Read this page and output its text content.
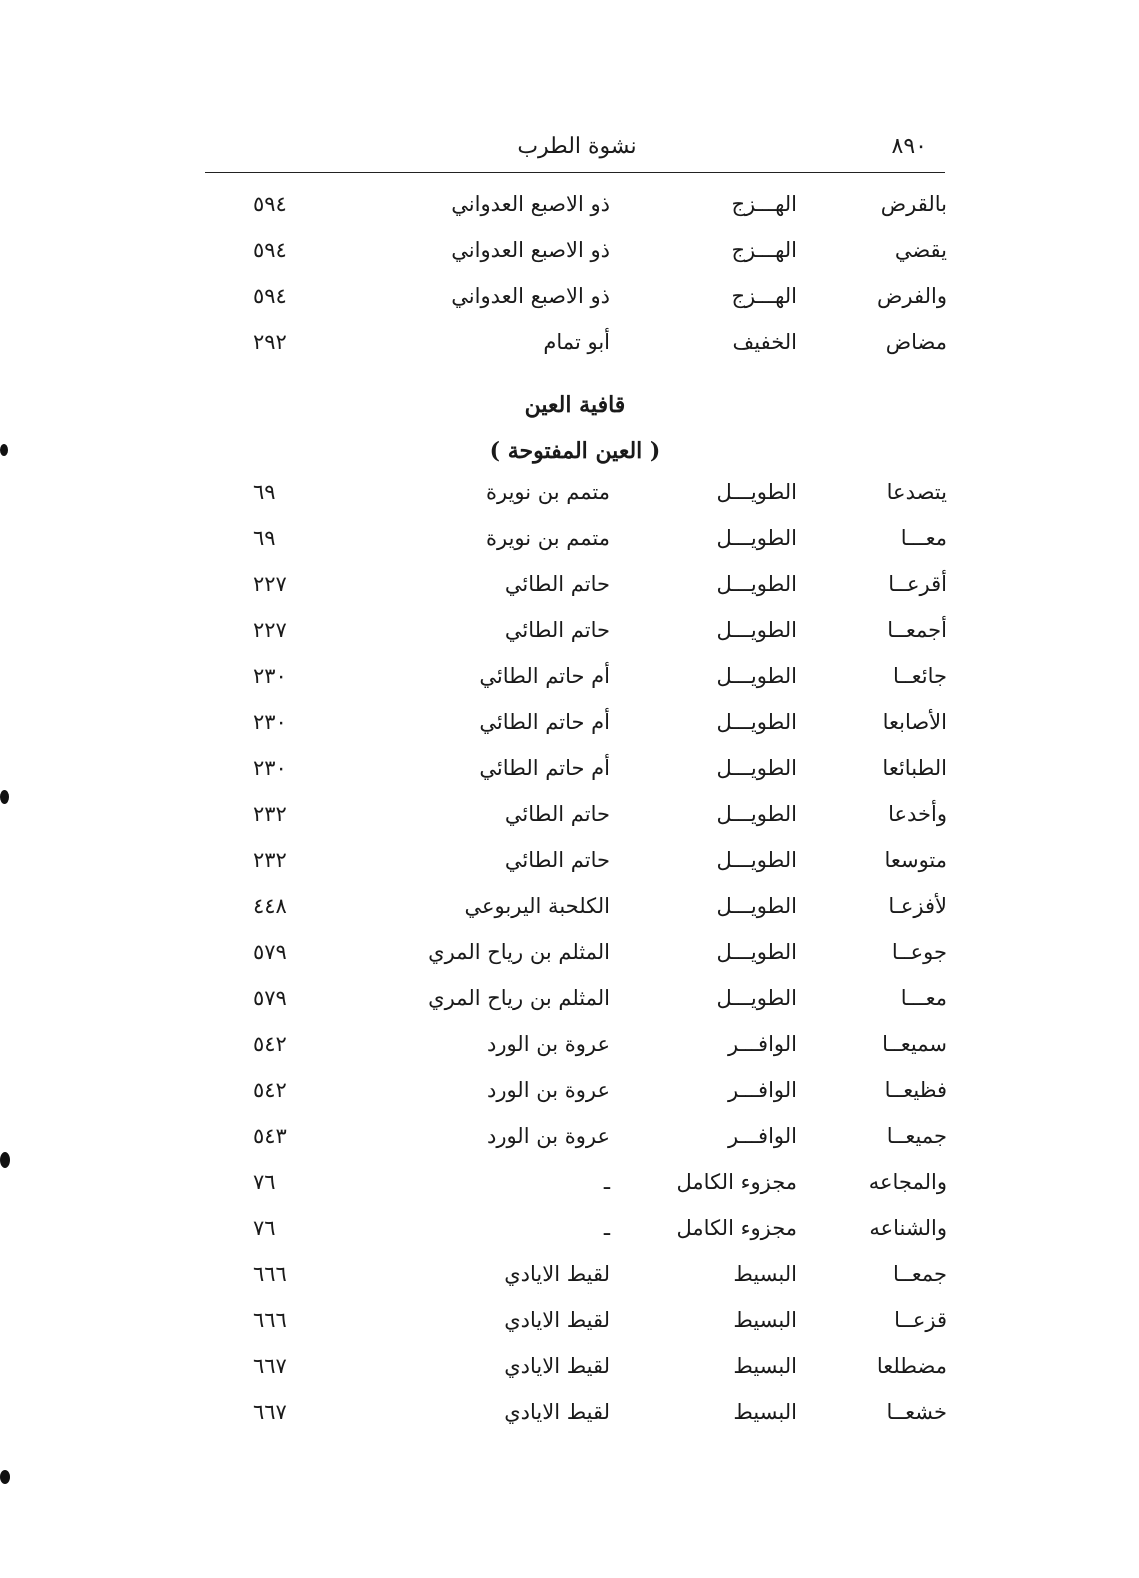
٨٩٠
نشوة الطرب
بالقرض
الهـــزج
ذو الاصبع العدواني
٥٩٤
يقضي
الهـــزج
ذو الاصبع العدواني
٥٩٤
والفرض
الهـــزج
ذو الاصبع العدواني
٥٩٤
مضاض
الخفيف
أبو تمام
٢٩٢
قافية العين
( العين المفتوحة )
يتصدعا
الطويـــل
متمم بن نويرة
٦٩
معـــا
الطويـــل
متمم بن نويرة
٦٩
أقرعــا
الطويـــل
حاتم الطائي
٢٢٧
أجمعــا
الطويـــل
حاتم الطائي
٢٢٧
جائعــا
الطويـــل
أم حاتم الطائي
٢٣٠
الأصابعا
الطويـــل
أم حاتم الطائي
٢٣٠
الطبائعا
الطويـــل
أم حاتم الطائي
٢٣٠
وأخدعا
الطويـــل
حاتم الطائي
٢٣٢
متوسعا
الطويـــل
حاتم الطائي
٢٣٢
لأفزعـا
الطويـــل
الكلحبة اليربوعي
٤٤٨
جوعــا
الطويـــل
المثلم بن رياح المري
٥٧٩
معـــا
الطويـــل
المثلم بن رياح المري
٥٧٩
سميعــا
الوافـــر
عروة بن الورد
٥٤٢
فظيعــا
الوافـــر
عروة بن الورد
٥٤٢
جميعــا
الوافـــر
عروة بن الورد
٥٤٣
والمجاعه
مجزوء الكامل
ـ
٧٦
والشناعه
مجزوء الكامل
ـ
٧٦
جمعــا
البسيط
لقيط الايادي
٦٦٦
قزعــا
البسيط
لقيط الايادي
٦٦٦
مضطلعا
البسيط
لقيط الايادي
٦٦٧
خشعــا
البسيط
لقيط الايادي
٦٦٧
